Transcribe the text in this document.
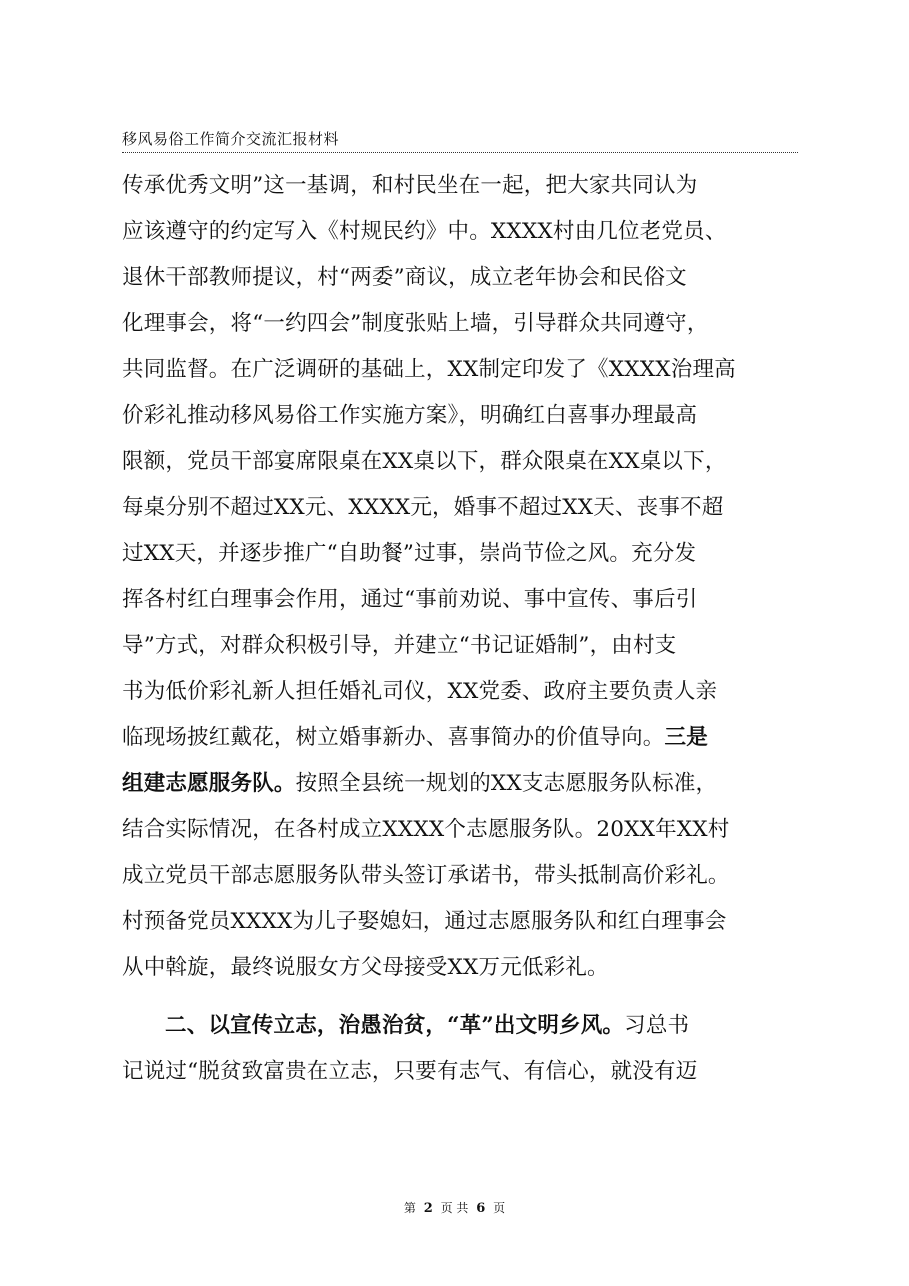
移风易俗工作简介交流汇报材料
传承优秀文明”这一基调，和村民坐在一起，把大家共同认为
应该遵守的约定写入《村规民约》中。XXXX村由几位老党员、
退休干部教师提议，村“两委”商议，成立老年协会和民俗文
化理事会，将“一约四会”制度张贴上墙，引导群众共同遵守，
共同监督。在广泛调研的基础上，XX制定印发了《XXXX治理高
价彩礼推动移风易俗工作实施方案》，明确红白喜事办理最高
限额，党员干部宴席限桌在XX桌以下，群众限桌在XX桌以下，
每桌分别不超过XX元、XXXX元，婚事不超过XX天、丧事不超
过XX天，并逐步推广“自助餐”过事，崇尚节俭之风。充分发
挥各村红白理事会作用，通过“事前劝说、事中宣传、事后引
导”方式，对群众积极引导，并建立“书记证婚制”，由村支
书为低价彩礼新人担任婚礼司仪，XX党委、政府主要负责人亲
临现场披红戴花，树立婚事新办、喜事简办的价值导向。三是
组建志愿服务队。按照全县统一规划的XX支志愿服务队标准，
结合实际情况，在各村成立XXXX个志愿服务队。20XX年XX村
成立党员干部志愿服务队带头签订承诺书，带头抵制高价彩礼。
村预备党员XXXX为儿子娶媳妇，通过志愿服务队和红白理事会
从中斡旋，最终说服女方父母接受XX万元低彩礼。
二、以宣传立志，治愚治贫，“革”出文明乡风。习总书
记说过“脱贫致富贵在立志，只要有志气、有信心，就没有迈
第 2 页 共 6 页
